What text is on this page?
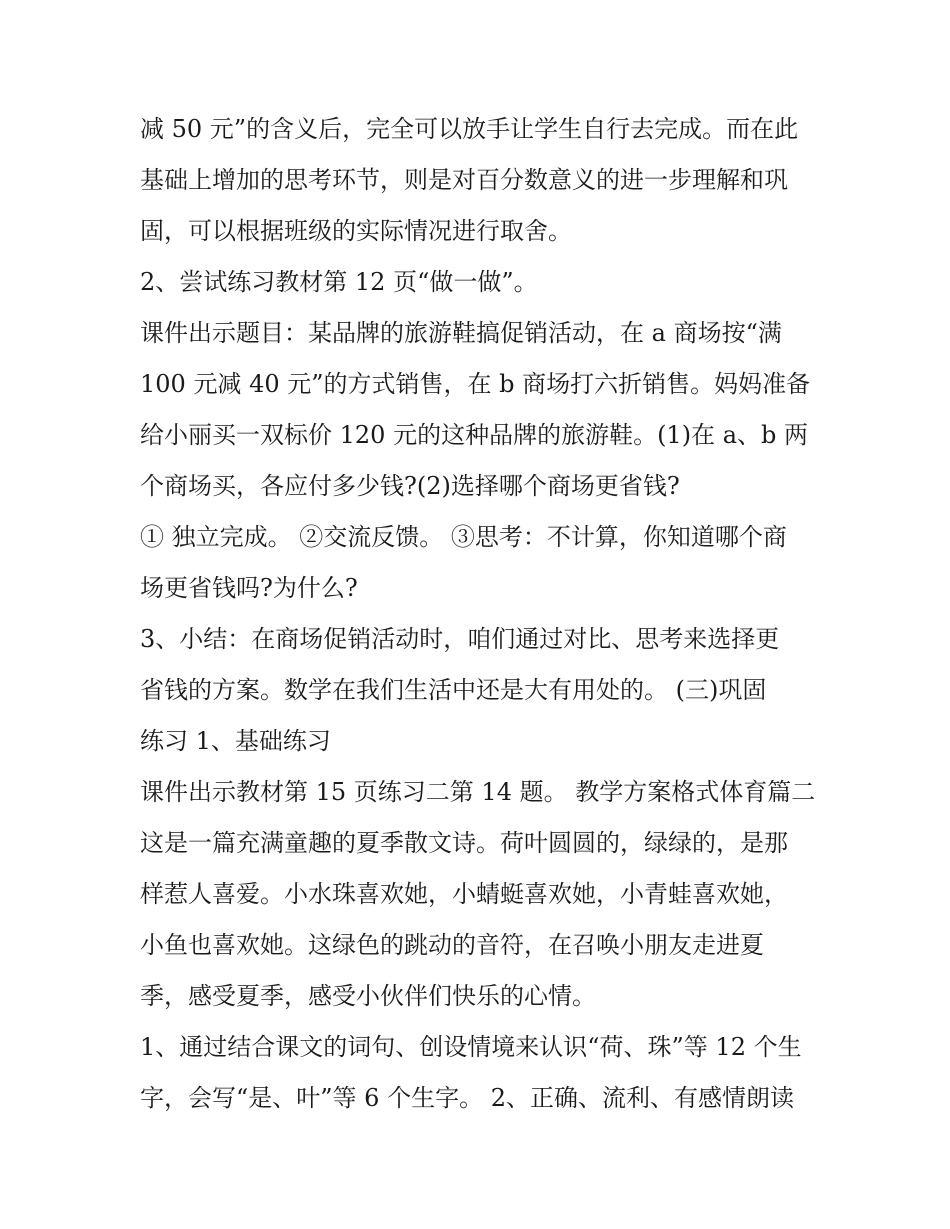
减 50 元”的含义后，完全可以放手让学生自行去完成。而在此
基础上增加的思考环节，则是对百分数意义的进一步理解和巩
固，可以根据班级的实际情况进行取舍。
2、尝试练习教材第 12 页“做一做”。
课件出示题目：某品牌的旅游鞋搞促销活动，在 a 商场按“满
100 元减 40 元”的方式销售，在 b 商场打六折销售。妈妈准备
给小丽买一双标价 120 元的这种品牌的旅游鞋。(1)在 a、b 两
个商场买，各应付多少钱?(2)选择哪个商场更省钱?
① 独立完成。 ②交流反馈。 ③思考：不计算，你知道哪个商
场更省钱吗?为什么?
3、小结：在商场促销活动时，咱们通过对比、思考来选择更
省钱的方案。数学在我们生活中还是大有用处的。 (三)巩固
练习 1、基础练习
课件出示教材第 15 页练习二第 14 题。 教学方案格式体育篇二
这是一篇充满童趣的夏季散文诗。荷叶圆圆的，绿绿的，是那
样惹人喜爱。小水珠喜欢她，小蜻蜓喜欢她，小青蛙喜欢她，
小鱼也喜欢她。这绿色的跳动的音符，在召唤小朋友走进夏
季，感受夏季，感受小伙伴们快乐的心情。
1、通过结合课文的词句、创设情境来认识“荷、珠”等 12 个生
字，会写“是、叶”等 6 个生字。 2、正确、流利、有感情朗读
